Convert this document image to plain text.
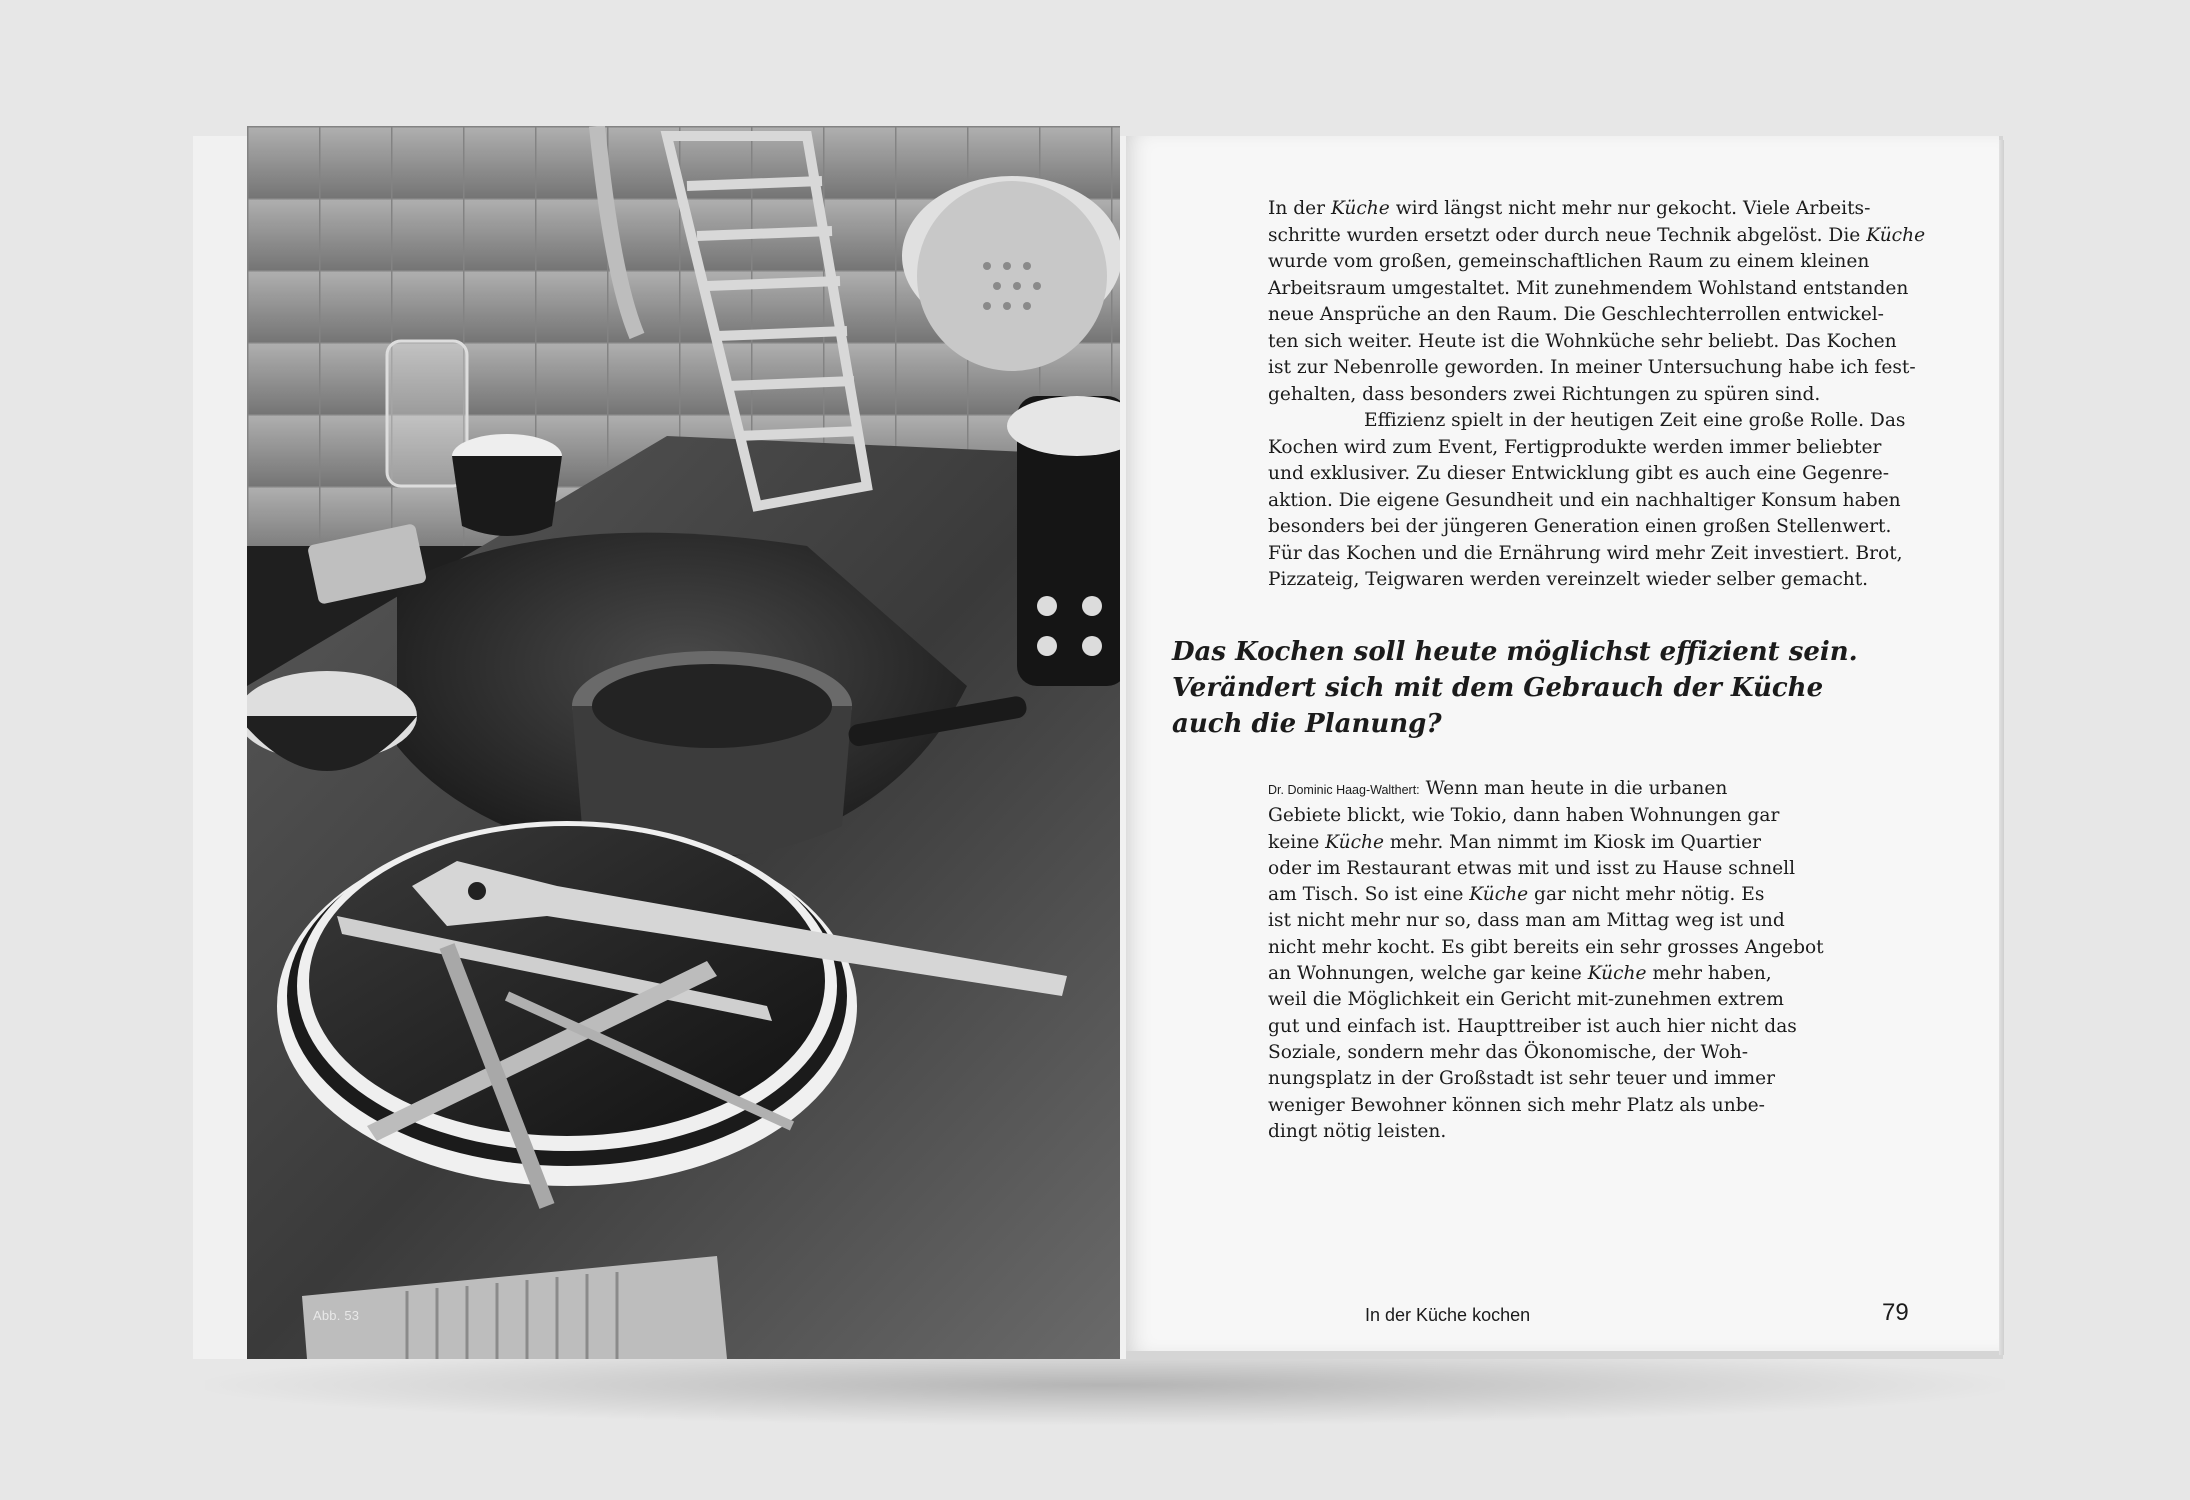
Abb. 53
In der Küche wird längst nicht mehr nur gekocht. Viele Arbeits-
schritte wurden ersetzt oder durch neue Technik abgelöst. Die Küche
wurde vom großen, gemeinschaftlichen Raum zu einem kleinen
Arbeitsraum umgestaltet. Mit zunehmendem Wohlstand entstanden
neue Ansprüche an den Raum. Die Geschlechterrollen entwickel-
ten sich weiter. Heute ist die Wohnküche sehr beliebt. Das Kochen
ist zur Nebenrolle geworden. In meiner Untersuchung habe ich fest-
gehalten, dass besonders zwei Richtungen zu spüren sind.
Effizienz spielt in der heutigen Zeit eine große Rolle. Das
Kochen wird zum Event, Fertigprodukte werden immer beliebter
und exklusiver. Zu dieser Entwicklung gibt es auch eine Gegenre-
aktion. Die eigene Gesundheit und ein nachhaltiger Konsum haben
besonders bei der jüngeren Generation einen großen Stellenwert.
Für das Kochen und die Ernährung wird mehr Zeit investiert. Brot,
Pizzateig, Teigwaren werden vereinzelt wieder selber gemacht.
Das Kochen soll heute möglichst effizient sein.
Verändert sich mit dem Gebrauch der Küche
auch die Planung?
Dr. Dominic Haag-Walthert: Wenn man heute in die urbanen
Gebiete blickt, wie Tokio, dann haben Wohnungen gar
keine Küche mehr. Man nimmt im Kiosk im Quartier
oder im Restaurant etwas mit und isst zu Hause schnell
am Tisch. So ist eine Küche gar nicht mehr nötig. Es
ist nicht mehr nur so, dass man am Mittag weg ist und
nicht mehr kocht. Es gibt bereits ein sehr grosses Angebot
an Wohnungen, welche gar keine Küche mehr haben,
weil die Möglichkeit ein Gericht mit-zunehmen extrem
gut und einfach ist. Haupttreiber ist auch hier nicht das
Soziale, sondern mehr das Ökonomische, der Woh-
nungsplatz in der Großstadt ist sehr teuer und immer
weniger Bewohner können sich mehr Platz als unbe-
dingt nötig leisten.
In der Küche kochen	79
